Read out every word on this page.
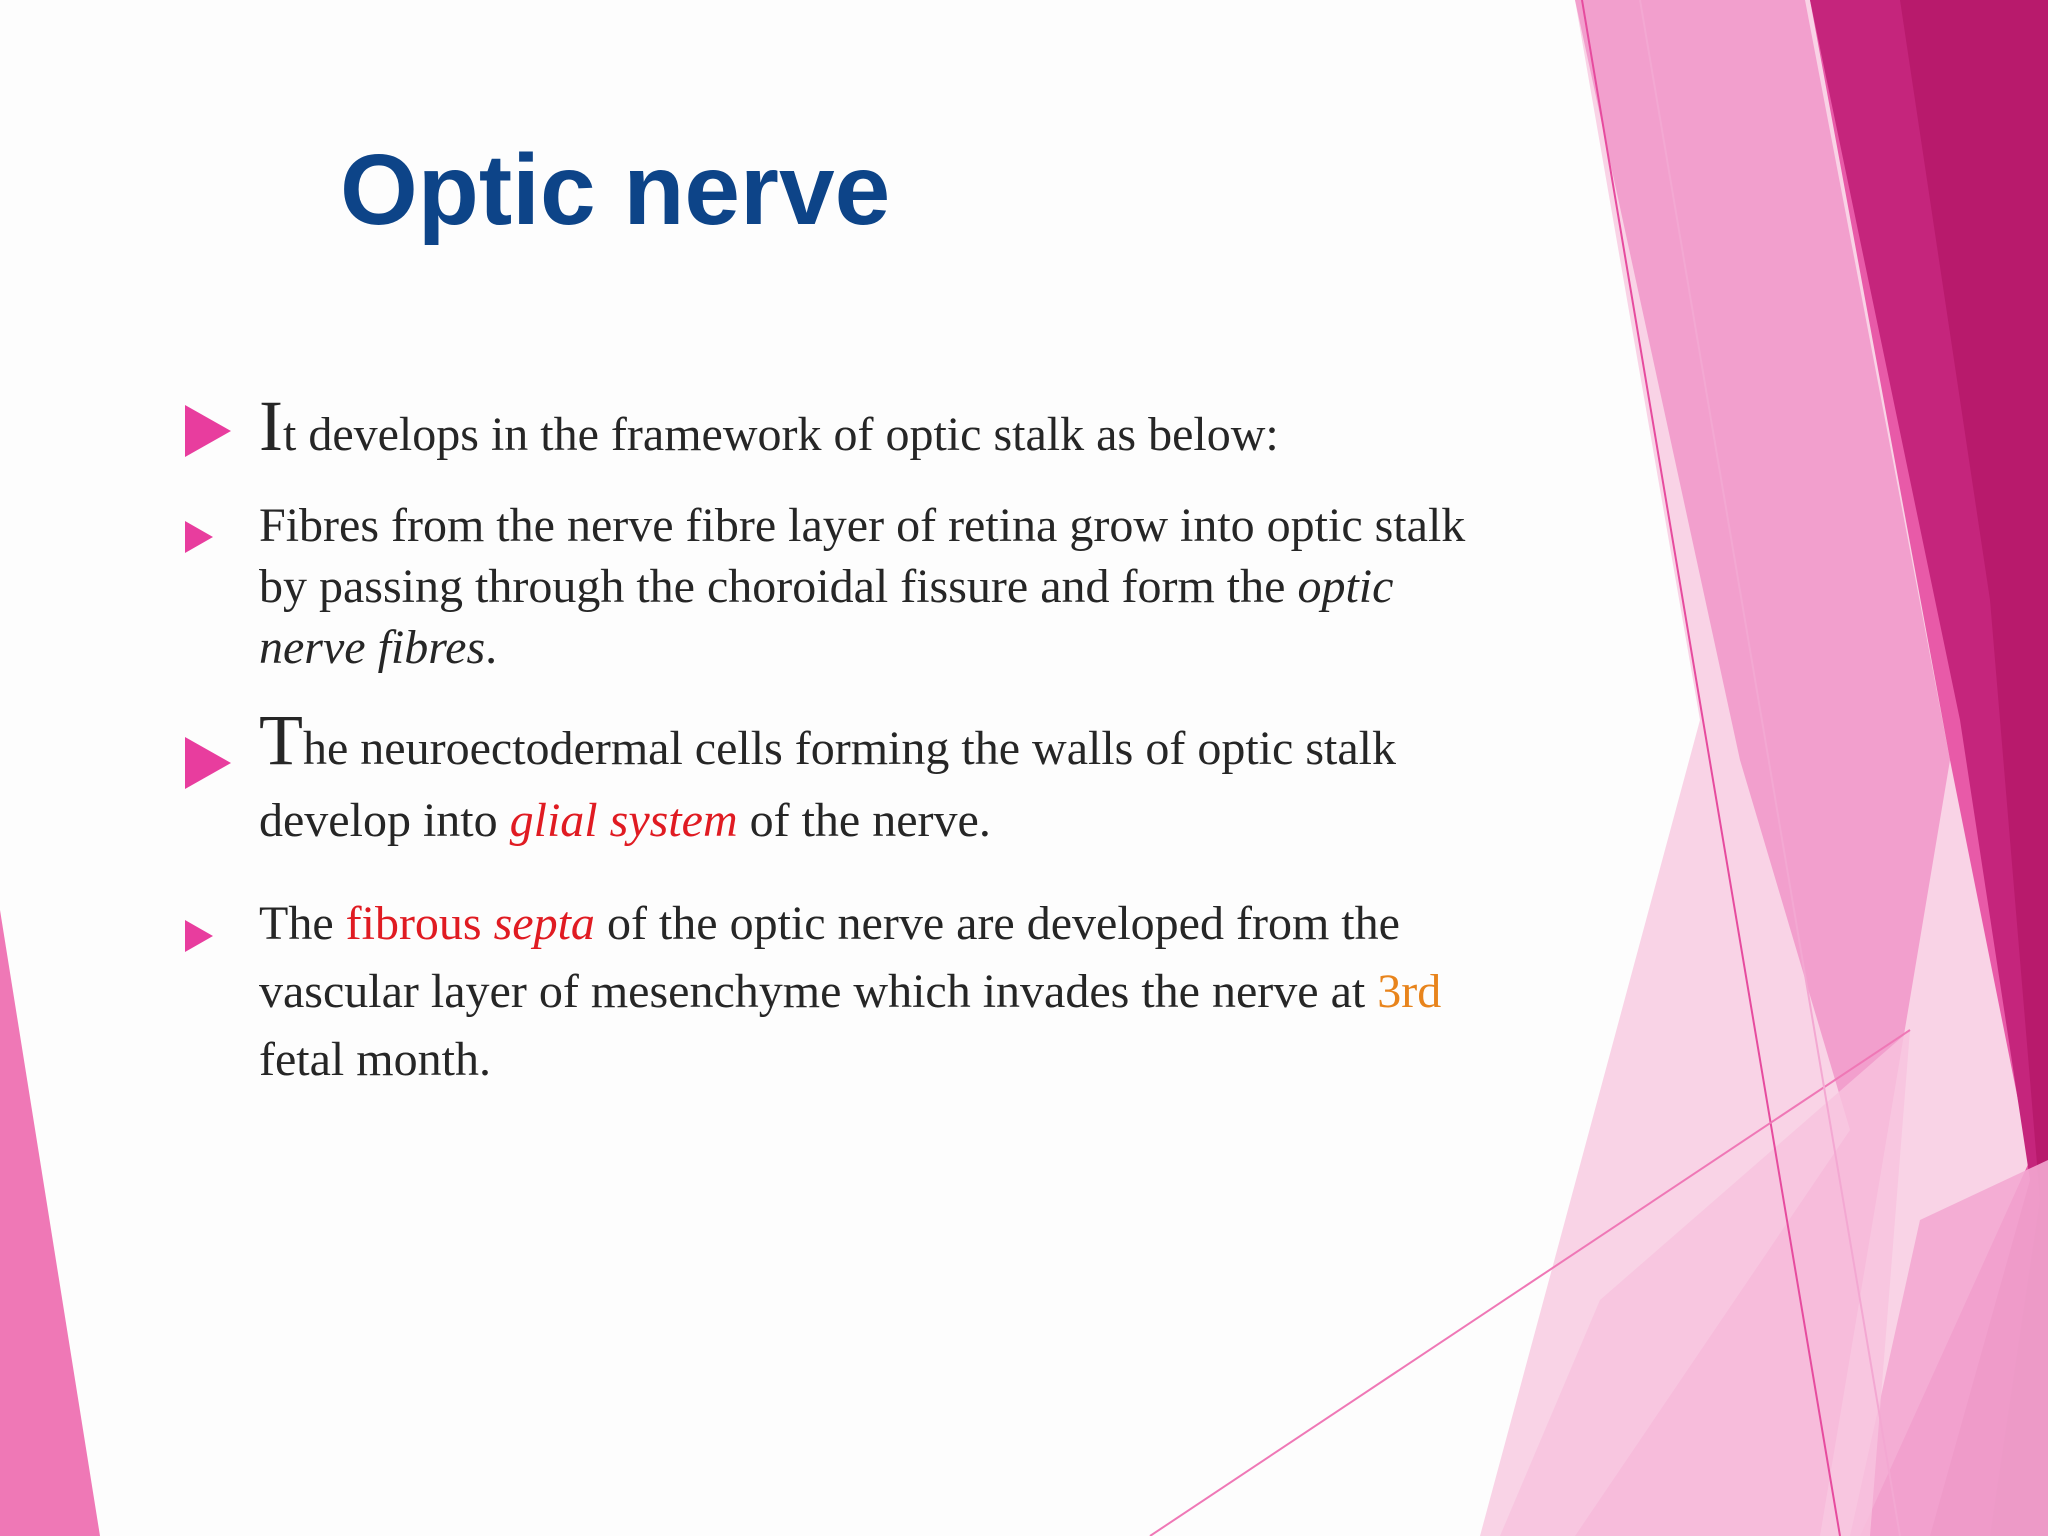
Optic nerve
It develops in the framework of optic stalk as below:
Fibres from the nerve fibre layer of retina grow into optic stalk
by passing through the choroidal fissure and form the optic
nerve fibres.
The neuroectodermal cells forming the walls of optic stalk
develop into glial system of the nerve.
The fibrous septa of the optic nerve are developed from the
vascular layer of mesenchyme which invades the nerve at 3rd
fetal month.
